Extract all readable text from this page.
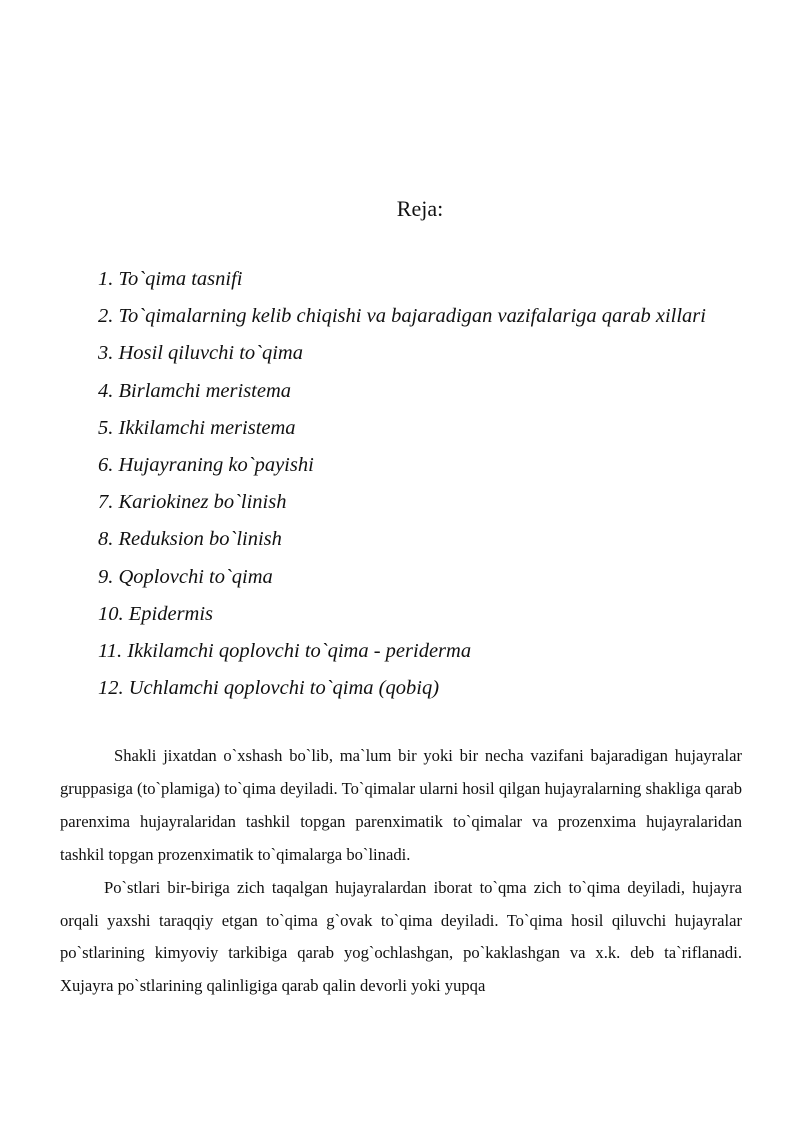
Reja:
1. To`qima tasnifi
2. To`qimalarning kelib chiqishi va bajaradigan vazifalariga qarab xillari
3. Hosil qiluvchi to`qima
4. Birlamchi meristema
5. Ikkilamchi meristema
6. Hujayraning ko`payishi
7. Kariokinez bo`linish
8. Reduksion bo`linish
9. Qoplovchi to`qima
10. Epidermis
11. Ikkilamchi qoplovchi to`qima - periderma
12. Uchlamchi qoplovchi to`qima (qobiq)

Shakli jixatdan o`xshash bo`lib, ma`lum bir yoki bir necha vazifani bajaradigan hujayralar gruppasiga (to`plamiga) to`qima deyiladi. To`qimalar ularni hosil qilgan hujayralarning shakliga qarab parenxima hujayralaridan tashkil topgan parenximatik to`qimalar va prozenxima hujayralaridan tashkil topgan prozenximatik to`qimalarga bo`linadi.

Po`stlari bir-biriga zich taqalgan hujayralardan iborat to`qma zich to`qima deyiladi, hujayra orqali yaxshi taraqqiy etgan to`qima g`ovak to`qima deyiladi. To`qima hosil qiluvchi hujayralar po`stlarining kimyoviy tarkibiga qarab yog`ochlashgan, po`kaklashgan va x.k. deb ta`riflanadi. Xujayra po`stlarining qalinligiga qarab qalin devorli yoki yupqa
